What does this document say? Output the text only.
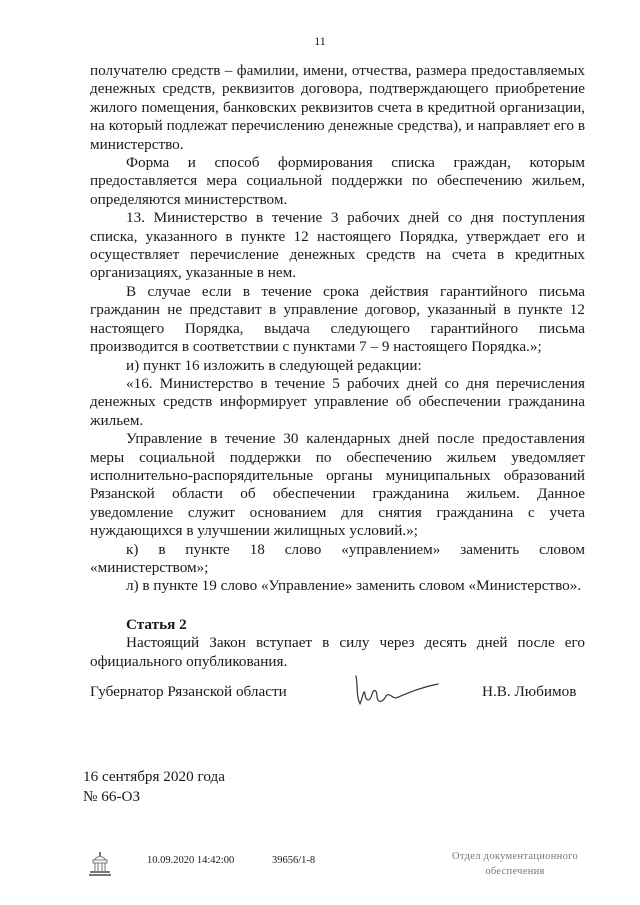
11

получателю средств – фамилии, имени, отчества, размера предоставляемых денежных средств, реквизитов договора, подтверждающего приобретение жилого помещения, банковских реквизитов счета в кредитной организации, на который подлежат перечислению денежные средства), и направляет его в министерство.

Форма и способ формирования списка граждан, которым предоставляется мера социальной поддержки по обеспечению жильем, определяются министерством.

13. Министерство в течение 3 рабочих дней со дня поступления списка, указанного в пункте 12 настоящего Порядка, утверждает его и осуществляет перечисление денежных средств на счета в кредитных организациях, указанные в нем.

В случае если в течение срока действия гарантийного письма гражданин не представит в управление договор, указанный в пункте 12 настоящего Порядка, выдача следующего гарантийного письма производится в соответствии с пунктами 7 – 9 настоящего Порядка.»;

и) пункт 16 изложить в следующей редакции:

«16. Министерство в течение 5 рабочих дней со дня перечисления денежных средств информирует управление об обеспечении гражданина жильем.

Управление в течение 30 календарных дней после предоставления меры социальной поддержки по обеспечению жильем уведомляет исполнительно-распорядительные органы муниципальных образований Рязанской области об обеспечении гражданина жильем. Данное уведомление служит основанием для снятия гражданина с учета нуждающихся в улучшении жилищных условий.»;

к) в пункте 18 слово «управлением» заменить словом

«министерством»;

л) в пункте 19 слово «Управление» заменить словом «Министерство».

Статья 2

Настоящий Закон вступает в силу через десять дней после его официального опубликования.

Губернатор Рязанской области	Н.В. Любимов
16 сентября 2020 года
№ 66-ОЗ
10.09.2020 14:42:00	39656/1-8	Отдел документационного
обеспечения
